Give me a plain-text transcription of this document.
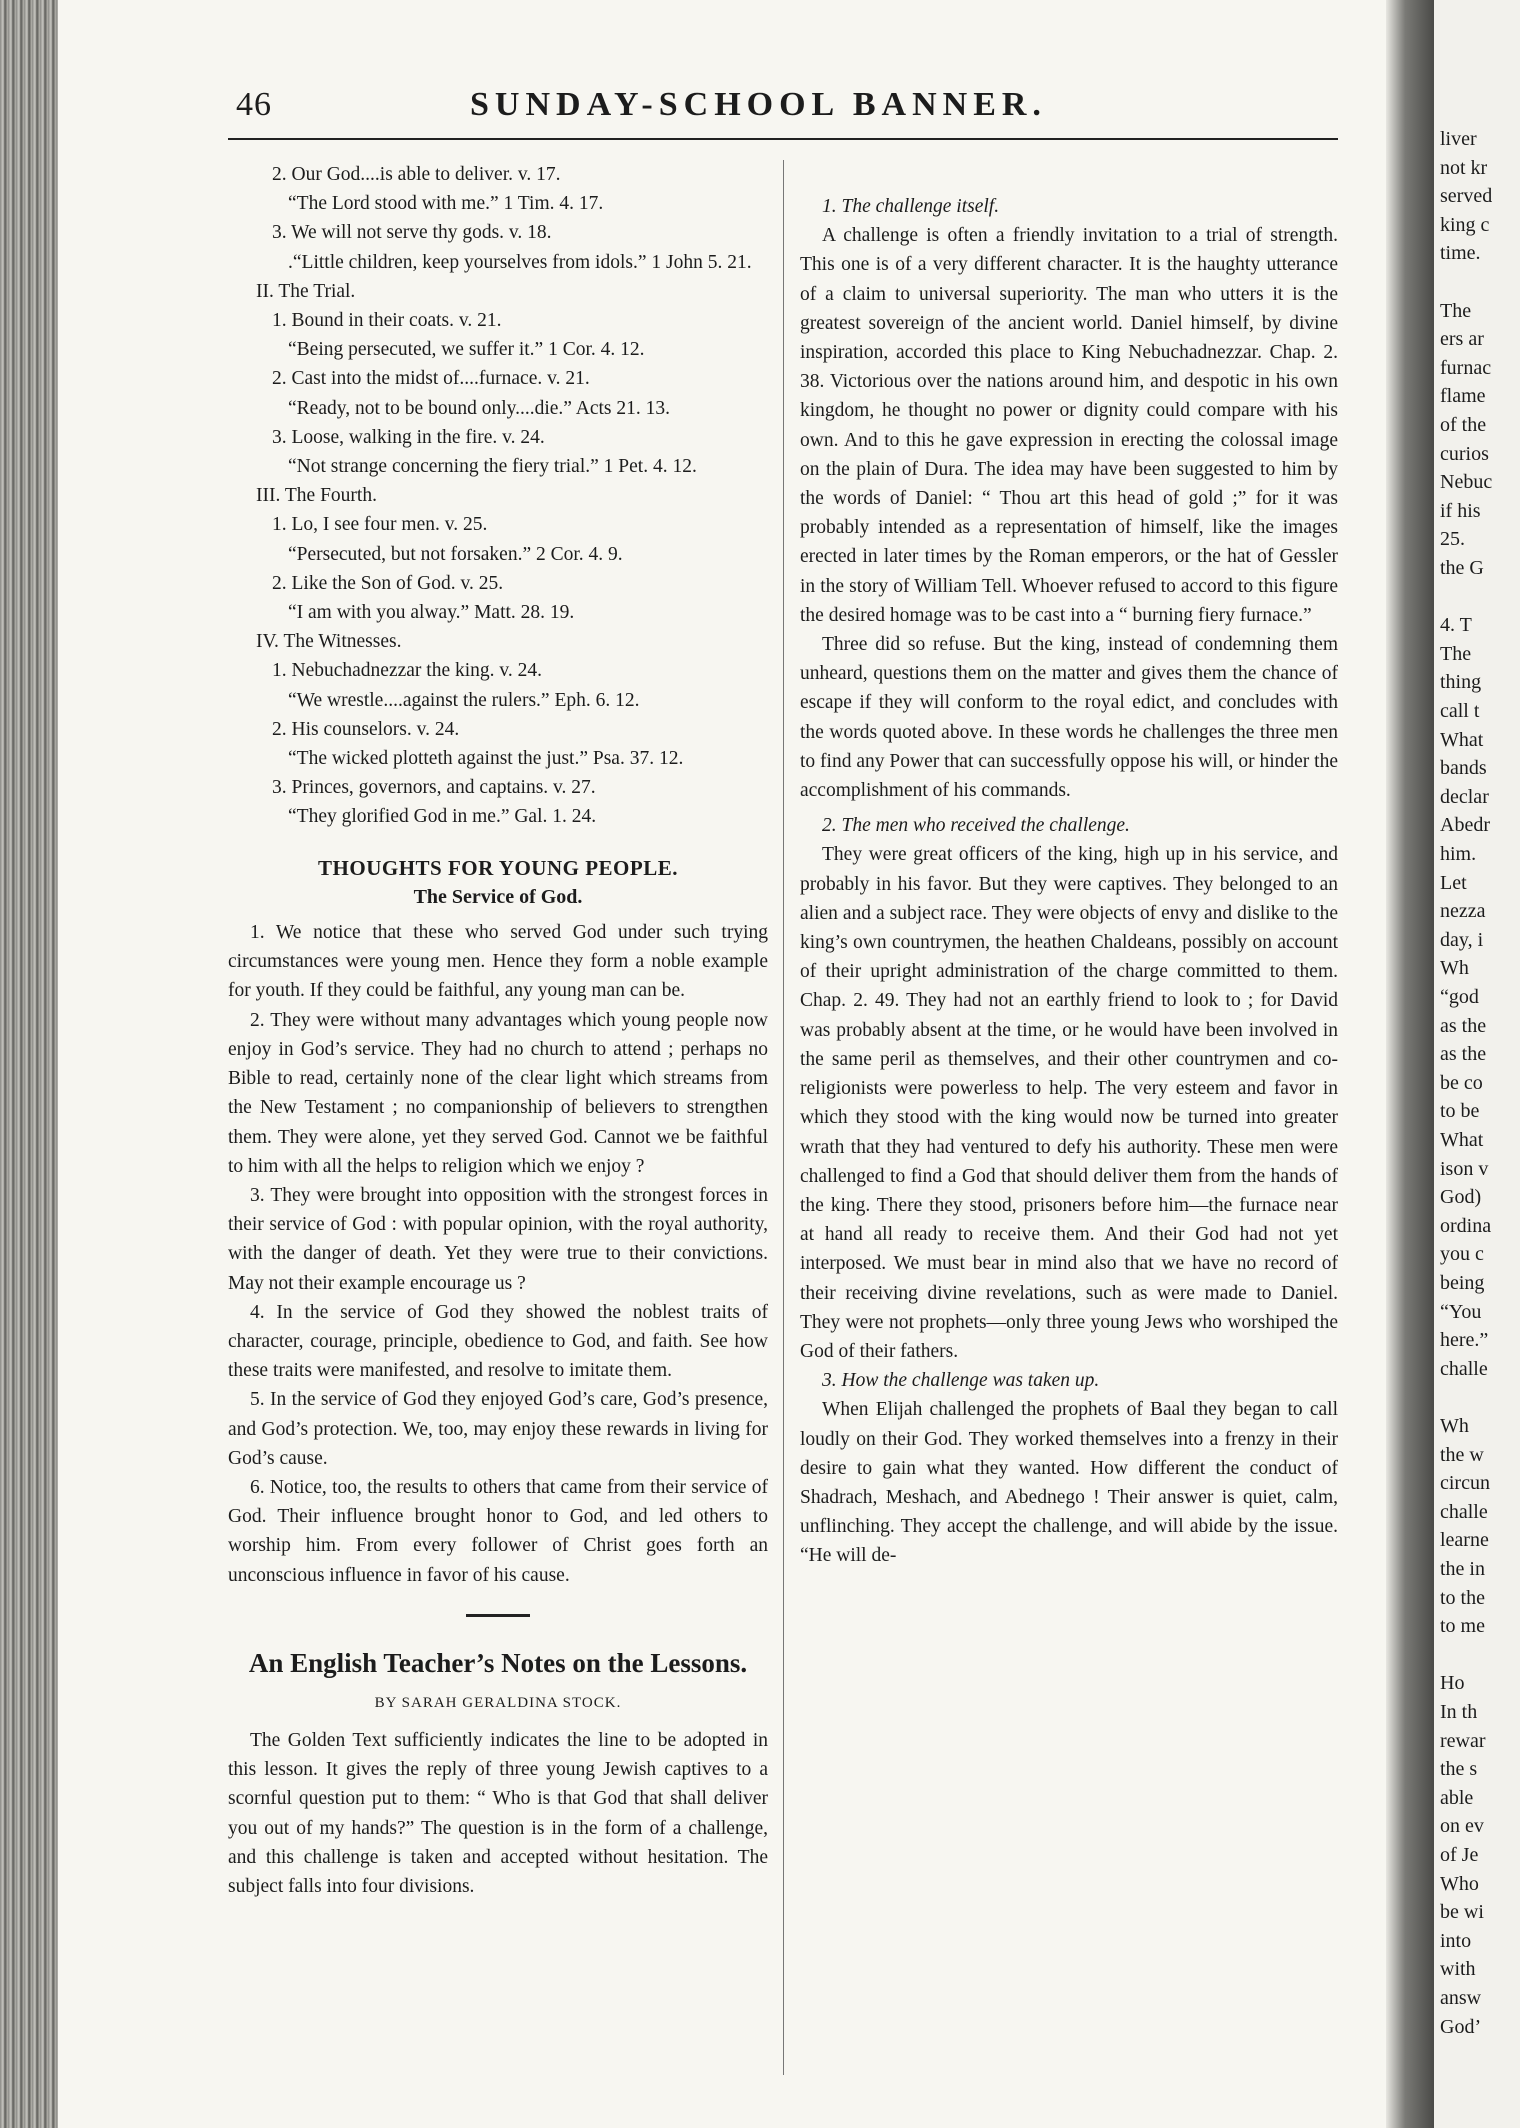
46	SUNDAY-SCHOOL BANNER.
2. Our God....is able to deliver. v. 17.
“The Lord stood with me.” 1 Tim. 4. 17.
3. We will not serve thy gods. v. 18.
.“Little children, keep yourselves from idols.” 1 John 5. 21.
II. The Trial.
1. Bound in their coats. v. 21.
“Being persecuted, we suffer it.” 1 Cor. 4. 12.
2. Cast into the midst of....furnace. v. 21.
“Ready, not to be bound only....die.” Acts 21. 13.
3. Loose, walking in the fire. v. 24.
“Not strange concerning the fiery trial.” 1 Pet. 4. 12.
III. The Fourth.
1. Lo, I see four men. v. 25.
“Persecuted, but not forsaken.” 2 Cor. 4. 9.
2. Like the Son of God. v. 25.
“I am with you alway.” Matt. 28. 19.
IV. The Witnesses.
1. Nebuchadnezzar the king. v. 24.
“We wrestle....against the rulers.” Eph. 6. 12.
2. His counselors. v. 24.
“The wicked plotteth against the just.” Psa. 37. 12.
3. Princes, governors, and captains. v. 27.
“They glorified God in me.” Gal. 1. 24.
THOUGHTS FOR YOUNG PEOPLE.
The Service of God.

1. We notice that these who served God under such trying circumstances were young men. Hence they form a noble example for youth. If they could be faithful, any young man can be.

2. They were without many advantages which young people now enjoy in God’s service. They had no church to attend ; perhaps no Bible to read, certainly none of the clear light which streams from the New Testament ; no companionship of believers to strengthen them. They were alone, yet they served God. Cannot we be faithful to him with all the helps to religion which we enjoy ?

3. They were brought into opposition with the strongest forces in their service of God : with popular opinion, with the royal authority, with the danger of death. Yet they were true to their convictions. May not their example encourage us ?

4. In the service of God they showed the noblest traits of character, courage, principle, obedience to God, and faith. See how these traits were manifested, and resolve to imitate them.

5. In the service of God they enjoyed God’s care, God’s presence, and God’s protection. We, too, may enjoy these rewards in living for God’s cause.

6. Notice, too, the results to others that came from their service of God. Their influence brought honor to God, and led others to worship him. From every follower of Christ goes forth an unconscious influence in favor of his cause.

An English Teacher’s Notes on the Lessons.
BY SARAH GERALDINA STOCK.

The Golden Text sufficiently indicates the line to be adopted in this lesson. It gives the reply of three young Jewish captives to a scornful question put to them: “ Who is that God that shall deliver you out of my hands?” The question is in the form of a challenge, and this challenge is taken and accepted without hesitation. The subject falls into four divisions.

1. The challenge itself.

A challenge is often a friendly invitation to a trial of strength. This one is of a very different character. It is the haughty utterance of a claim to universal superiority. The man who utters it is the greatest sovereign of the ancient world. Daniel himself, by divine inspiration, accorded this place to King Nebuchadnezzar. Chap. 2. 38. Victorious over the nations around him, and despotic in his own kingdom, he thought no power or dignity could compare with his own. And to this he gave expression in erecting the colossal image on the plain of Dura. The idea may have been suggested to him by the words of Daniel: “ Thou art this head of gold ;” for it was probably intended as a representation of himself, like the images erected in later times by the Roman emperors, or the hat of Gessler in the story of William Tell. Whoever refused to accord to this figure the desired homage was to be cast into a “ burning fiery furnace.”

Three did so refuse. But the king, instead of condemning them unheard, questions them on the matter and gives them the chance of escape if they will conform to the royal edict, and concludes with the words quoted above. In these words he challenges the three men to find any Power that can successfully oppose his will, or hinder the accomplishment of his commands.

2. The men who received the challenge.

They were great officers of the king, high up in his service, and probably in his favor. But they were captives. They belonged to an alien and a subject race. They were objects of envy and dislike to the king’s own countrymen, the heathen Chaldeans, possibly on account of their upright administration of the charge committed to them. Chap. 2. 49. They had not an earthly friend to look to ; for David was probably absent at the time, or he would have been involved in the same peril as themselves, and their other countrymen and co-religionists were powerless to help. The very esteem and favor in which they stood with the king would now be turned into greater wrath that they had ventured to defy his authority. These men were challenged to find a God that should deliver them from the hands of the king. There they stood, prisoners before him—the furnace near at hand all ready to receive them. And their God had not yet interposed. We must bear in mind also that we have no record of their receiving divine revelations, such as were made to Daniel. They were not prophets—only three young Jews who worshiped the God of their fathers.

3. How the challenge was taken up.

When Elijah challenged the prophets of Baal they began to call loudly on their God. They worked themselves into a frenzy in their desire to gain what they wanted. How different the conduct of Shadrach, Meshach, and Abednego ! Their answer is quiet, calm, unflinching. They accept the challenge, and will abide by the issue. “He will de-

liver
not kr
served
king c
time.
The
ers ar
furnac
flame
of the
curios
Nebuc
if his
25.
the G
4. T
The
thing
call t
What
bands
declar
Abedr
him.
Let
nezza
day, i
Wh
“god
as the
as the
be co
to be
What
ison v
God)
ordina
you c
being
“You
here.”
challe
Wh
the w
circun
challe
learne
the in
to the
to me
Ho
In th
rewar
the s
able
on ev
of Je
Who
be wi
into
with
answ
God’
